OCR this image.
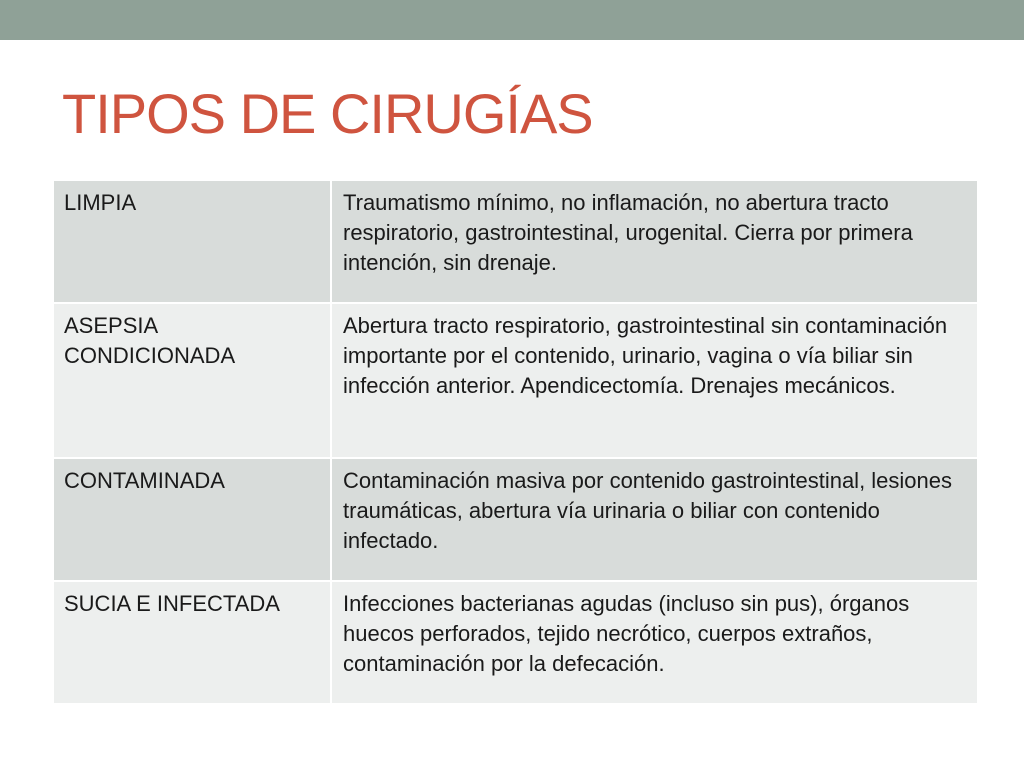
TIPOS DE CIRUGÍAS
LIMPIA	Traumatismo mínimo, no inflamación, no abertura tracto respiratorio, gastrointestinal, urogenital. Cierra por primera intención, sin drenaje.
ASEPSIA CONDICIONADA	Abertura tracto respiratorio, gastrointestinal sin contaminación importante por el contenido, urinario, vagina o vía biliar sin infección anterior. Apendicectomía. Drenajes mecánicos.
CONTAMINADA	Contaminación masiva por contenido gastrointestinal, lesiones traumáticas, abertura vía urinaria o biliar con contenido infectado.
SUCIA E INFECTADA	Infecciones bacterianas agudas (incluso sin pus), órganos huecos perforados, tejido necrótico, cuerpos extraños, contaminación por la defecación.
